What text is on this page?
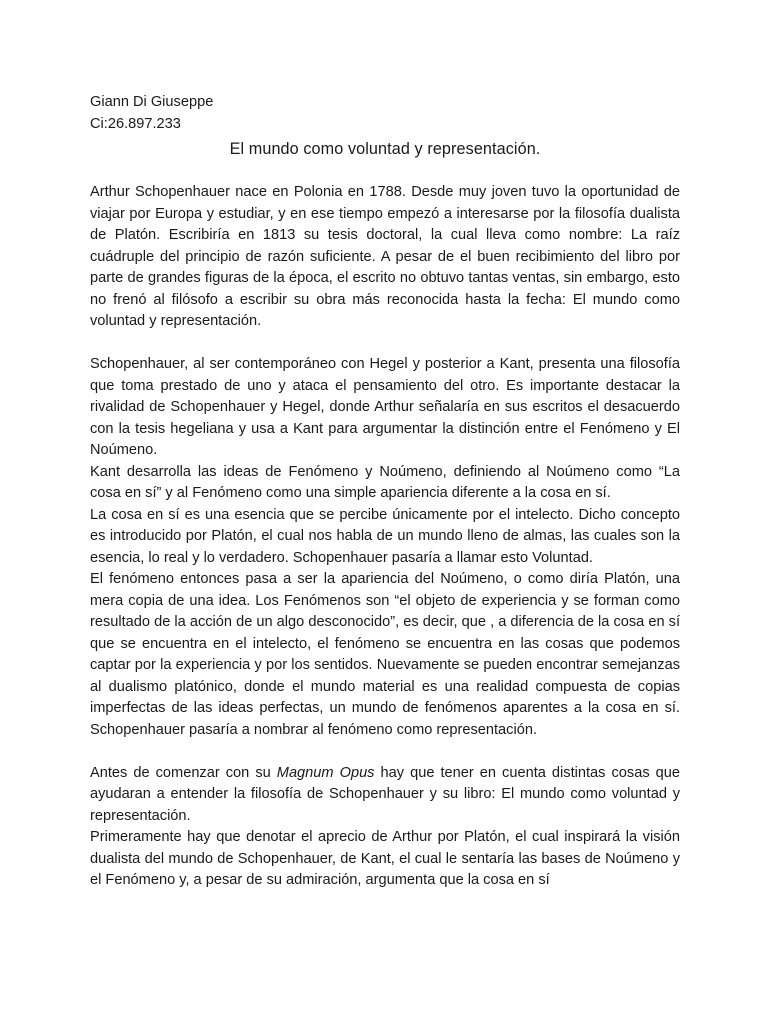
Giann Di Giuseppe

Ci:26.897.233

El mundo como voluntad y representación.

Arthur Schopenhauer nace en Polonia en 1788. Desde muy joven tuvo la oportunidad de viajar por Europa y estudiar, y en ese tiempo empezó a interesarse por la filosofía dualista de Platón. Escribiría en 1813 su tesis doctoral, la cual lleva como nombre: La raíz cuádruple del principio de razón suficiente. A pesar de el buen recibimiento del libro por parte de grandes figuras de la época, el escrito no obtuvo tantas ventas, sin embargo, esto no frenó al filósofo a escribir su obra más reconocida hasta la fecha: El mundo como voluntad y representación.

Schopenhauer, al ser contemporáneo con Hegel y posterior a Kant, presenta una filosofía que toma prestado de uno y ataca el pensamiento del otro. Es importante destacar la rivalidad de Schopenhauer y Hegel, donde Arthur señalaría en sus escritos el desacuerdo con la tesis hegeliana y usa a Kant para argumentar la distinción entre el Fenómeno y El Noúmeno.

Kant desarrolla las ideas de Fenómeno y Noúmeno, definiendo al Noúmeno como “La cosa en sí” y al Fenómeno como una simple apariencia diferente a la cosa en sí.

La cosa en sí es una esencia que se percibe únicamente por el intelecto. Dicho concepto es introducido por Platón, el cual nos habla de un mundo lleno de almas, las cuales son la esencia, lo real y lo verdadero. Schopenhauer pasaría a llamar esto Voluntad.

El fenómeno entonces pasa a ser la apariencia del Noúmeno, o como diría Platón, una mera copia de una idea. Los Fenómenos son “el objeto de experiencia y se forman como resultado de la acción de un algo desconocido”, es decir, que , a diferencia de la cosa en sí que se encuentra en el intelecto, el fenómeno se encuentra en las cosas que podemos captar por la experiencia y por los sentidos. Nuevamente se pueden encontrar semejanzas al dualismo platónico, donde el mundo material es una realidad compuesta de copias imperfectas de las ideas perfectas, un mundo de fenómenos aparentes a la cosa en sí. Schopenhauer pasaría a nombrar al fenómeno como representación.

Antes de comenzar con su Magnum Opus hay que tener en cuenta distintas cosas que ayudaran a entender la filosofía de Schopenhauer y su libro: El mundo como voluntad y representación.

Primeramente hay que denotar el aprecio de Arthur por Platón, el cual inspirará la visión dualista del mundo de Schopenhauer, de Kant, el cual le sentaría las bases de Noúmeno y el Fenómeno y, a pesar de su admiración, argumenta que la cosa en sí
